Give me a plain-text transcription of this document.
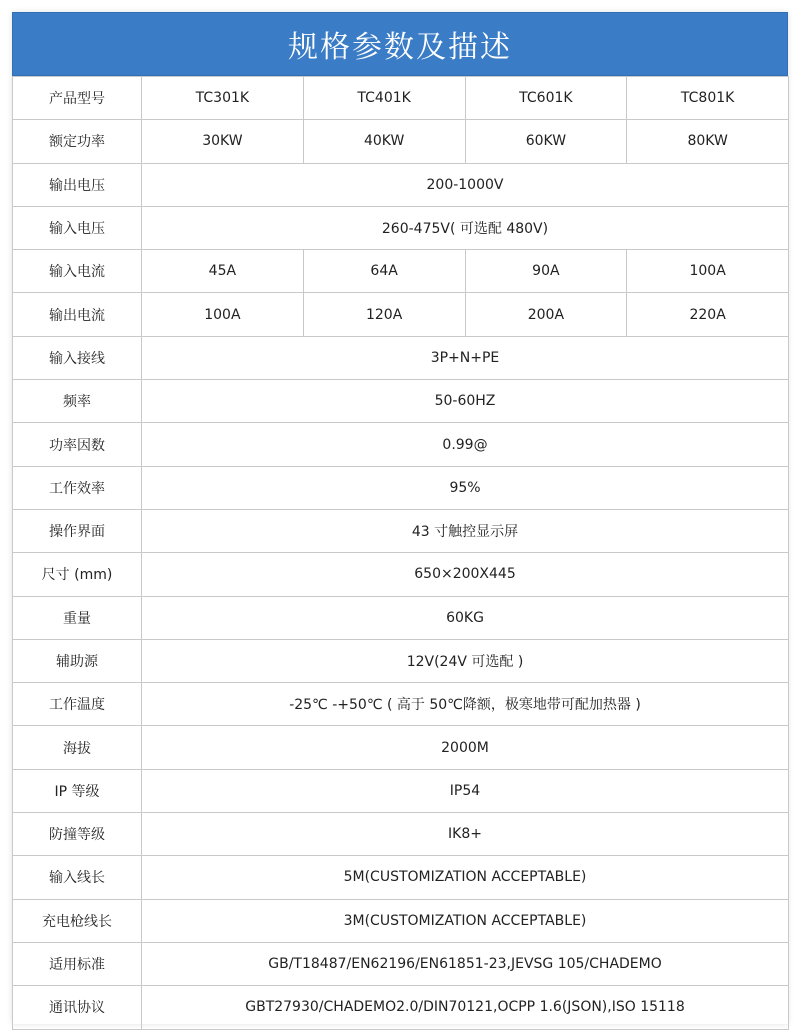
规格参数及描述
产品型号	TC301K	TC401K	TC601K	TC801K
额定功率	30KW	40KW	60KW	80KW
输出电压	200-1000V			
输入电压	260-475V( 可选配 480V)			
输入电流	45A	64A	90A	100A
输出电流	100A	120A	200A	220A
输入接线	3P+N+PE			
频率	50-60HZ			
功率因数	0.99@			
工作效率	95%			
操作界面	43 寸触控显示屏			
尺寸 (mm)	650×200X445			
重量	60KG			
辅助源	12V(24V 可选配 )			
工作温度	-25℃ -+50℃ ( 高于 50℃降额，极寒地带可配加热器 )			
海拔	2000M			
IP 等级	IP54			
防撞等级	IK8+			
输入线长	5M(CUSTOMIZATION ACCEPTABLE)			
充电枪线长	3M(CUSTOMIZATION ACCEPTABLE)			
适用标准	GB/T18487/EN62196/EN61851-23,JEVSG 105/CHADEMO			
通讯协议	GBT27930/CHADEMO2.0/DIN70121,OCPP 1.6(JSON),ISO 15118			
